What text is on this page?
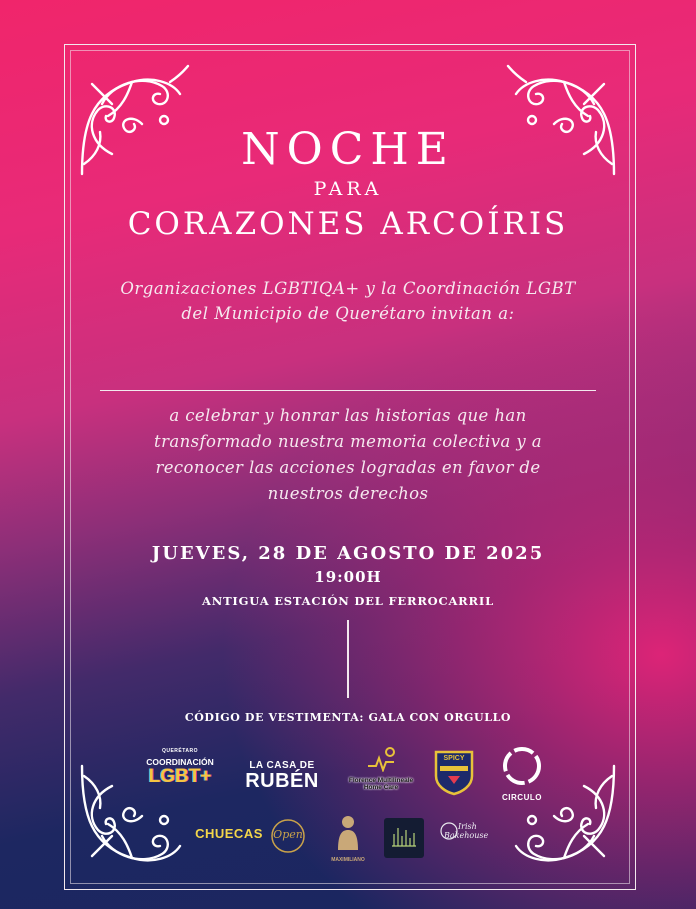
NOCHE
PARA
CORAZONES ARCOÍRIS
Organizaciones LGBTIQA+ y la Coordinación LGBT
del Municipio de Querétaro invitan a:
a celebrar y honrar las historias que han
transformado nuestra memoria colectiva y a
reconocer las acciones logradas en favor de
nuestros derechos
JUEVES, 28 DE AGOSTO DE 2025
19:00H
ANTIGUA ESTACIÓN DEL FERROCARRIL
CÓDIGO DE VESTIMENTA: GALA CON ORGULLO
QUERÉTARO
COORDINACIÓN
LGBT+
LA CASA DE
RUBÉN	Florence Multilineale
Home Care
SPICY
CIRCULO
CHUECAS Open
MAXIMILIANO
Irish
Bakehouse
